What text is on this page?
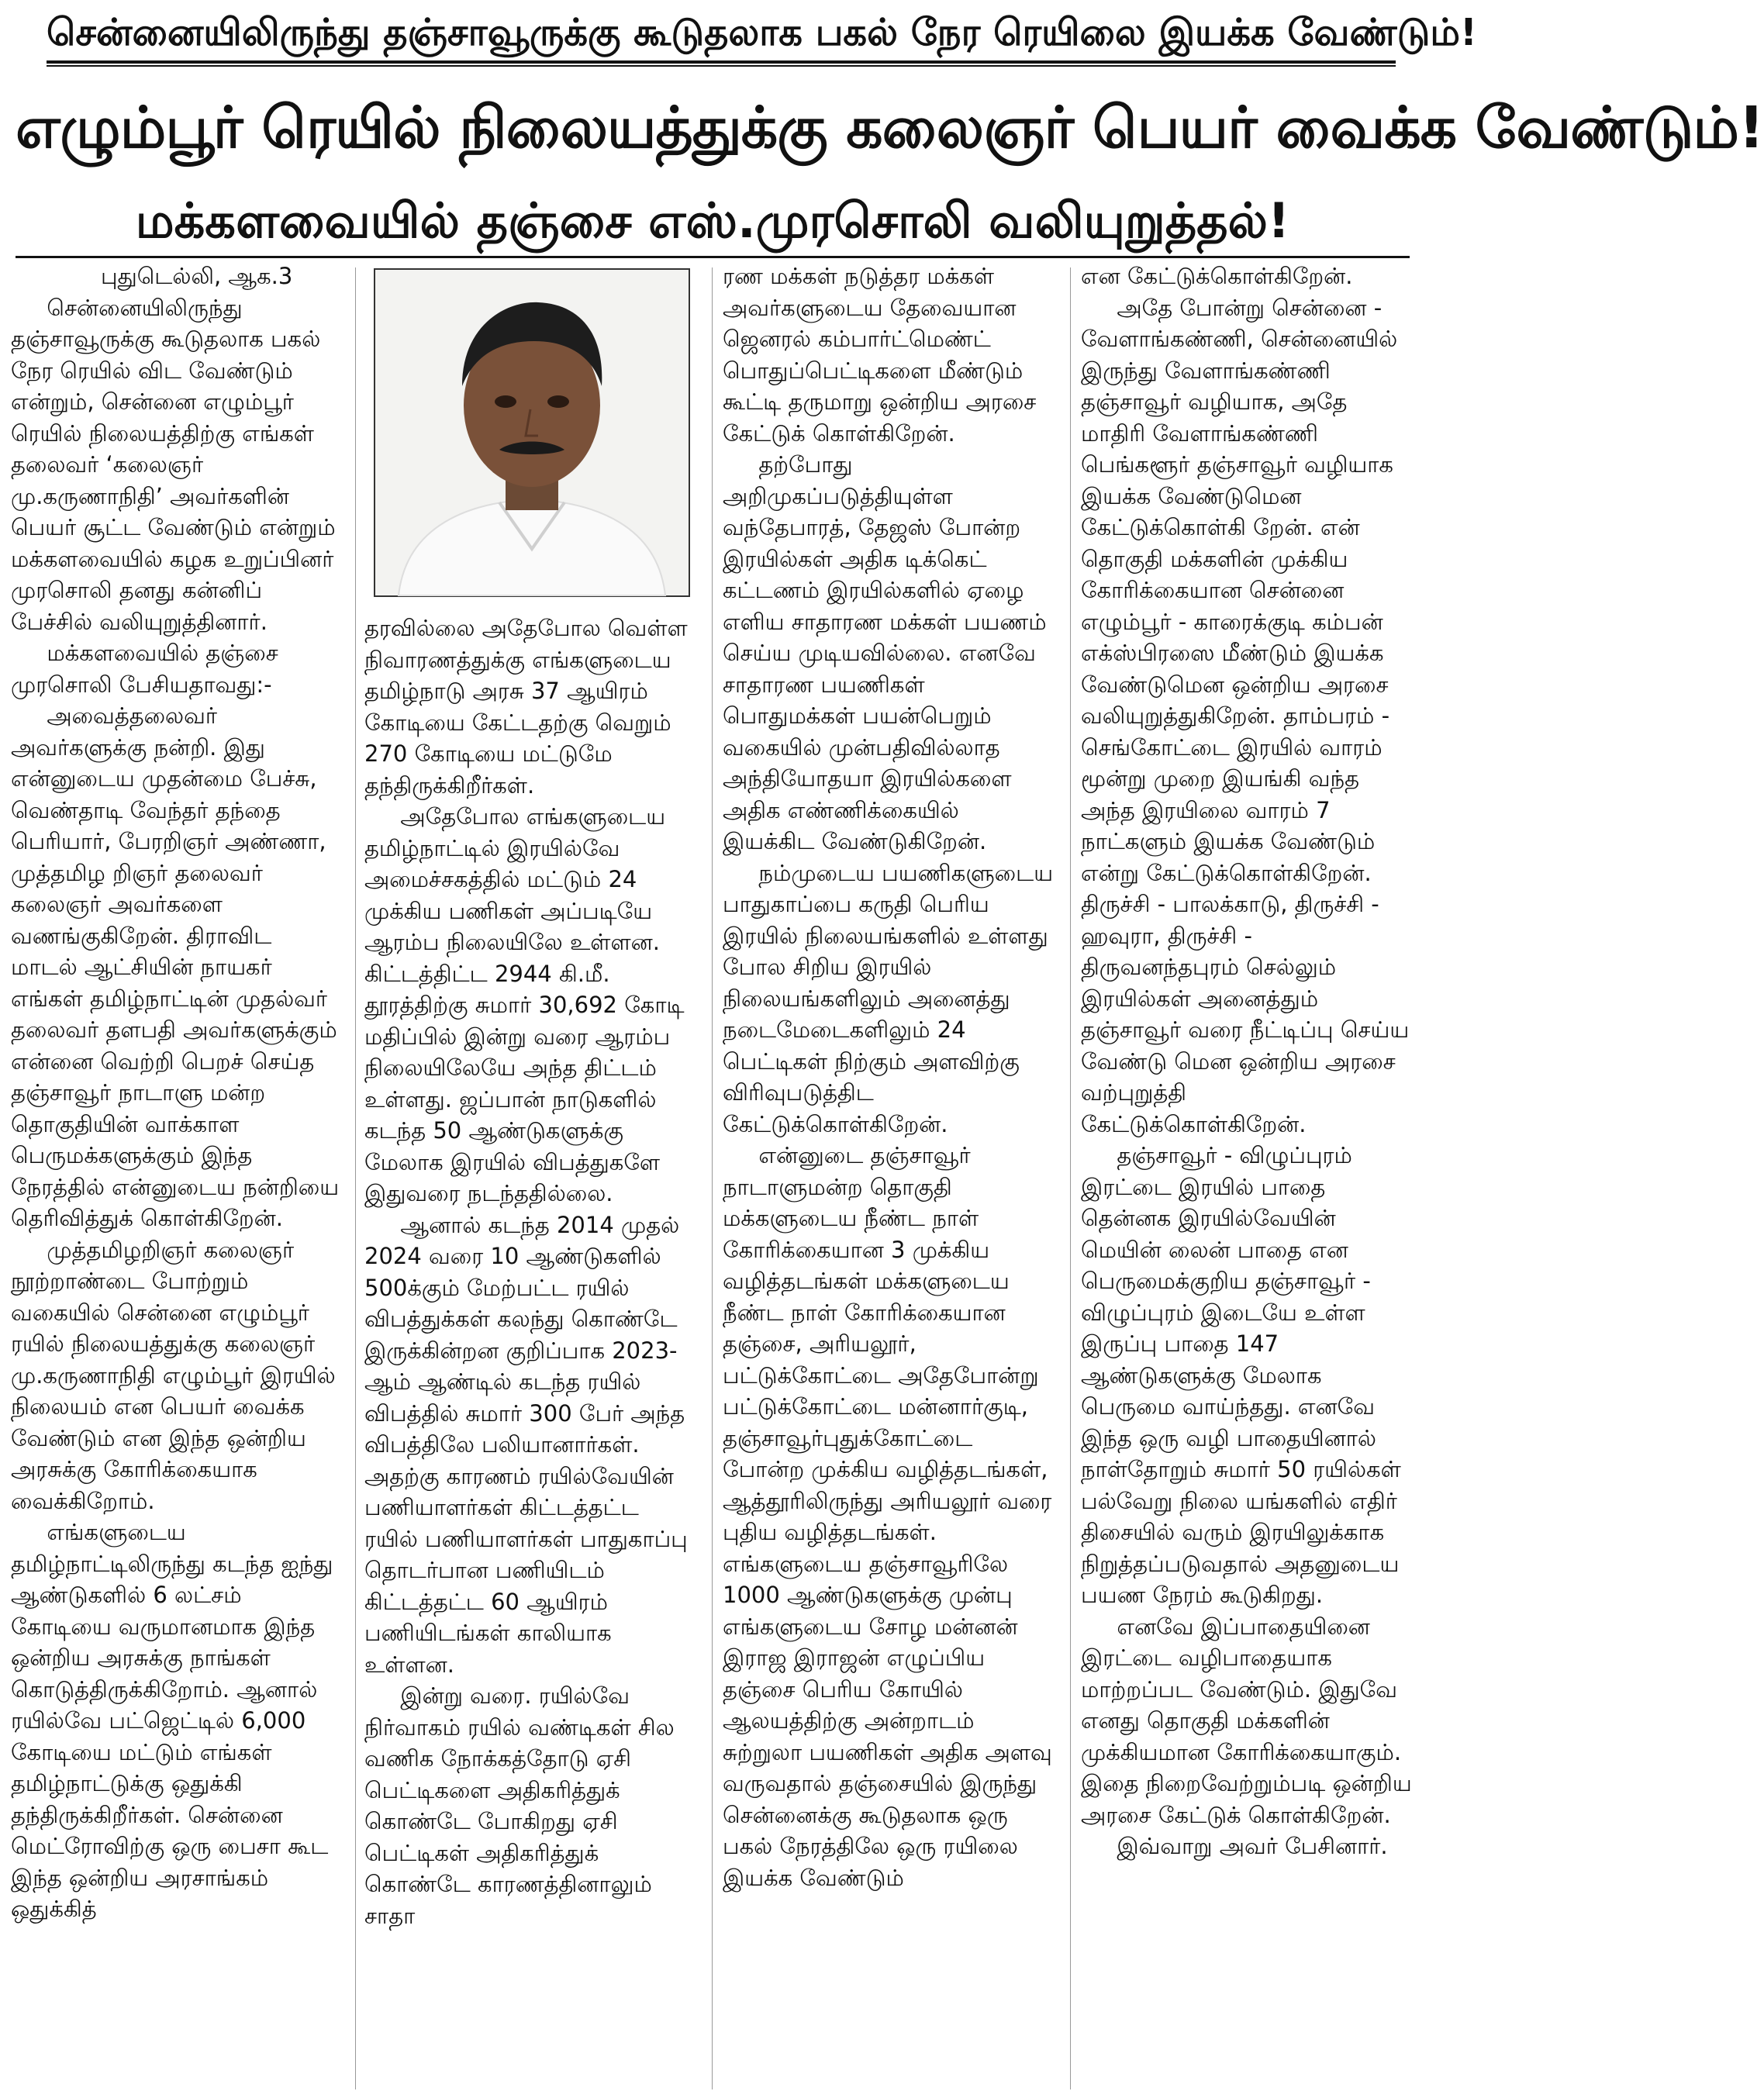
சென்னையிலிருந்து தஞ்சாவூருக்கு கூடுதலாக பகல் நேர ரெயிலை இயக்க வேண்டும்!
எழும்பூர் ரெயில் நிலையத்துக்கு கலைஞர் பெயர் வைக்க வேண்டும்!
மக்களவையில் தஞ்சை எஸ்.முரசொலி வலியுறுத்தல்!

புதுடெல்லி, ஆக.3

சென்னையிலிருந்து தஞ்சாவூருக்கு கூடுதலாக பகல் நேர ரெயில் விட வேண்டும் என்றும், சென்னை எழும்பூர் ரெயில் நிலையத்திற்கு எங்கள் தலைவர் ‘கலைஞர் மு.கருணாநிதி’ அவர்களின் பெயர் சூட்ட வேண்டும் என்றும் மக்களவையில் கழக உறுப்பினர் முரசொலி தனது கன்னிப் பேச்சில் வலியுறுத்தினார்.

மக்களவையில் தஞ்சை முரசொலி பேசியதாவது:-

அவைத்தலைவர் அவர்களுக்கு நன்றி. இது என்னுடைய முதன்மை பேச்சு, வெண்தாடி வேந்தர் தந்தை பெரியார், பேரறிஞர் அண்ணா, முத்தமிழ றிஞர் தலைவர் கலைஞர் அவர்களை வணங்குகிறேன். திராவிட மாடல் ஆட்சியின் நாயகர் எங்கள் தமிழ்நாட்டின் முதல்வர் தலைவர் தளபதி அவர்களுக்கும் என்னை வெற்றி பெறச் செய்த தஞ்சாவூர் நாடாளு மன்ற தொகுதியின் வாக்காள பெருமக்களுக்கும் இந்த நேரத்தில் என்னுடைய நன்றியை தெரிவித்துக் கொள்கிறேன்.

முத்தமிழறிஞர் கலைஞர் நூற்றாண்டை போற்றும் வகையில் சென்னை எழும்பூர் ரயில் நிலையத்துக்கு கலைஞர் மு.கருணாநிதி எழும்பூர் இரயில் நிலையம் என பெயர் வைக்க வேண்டும் என இந்த ஒன்றிய அரசுக்கு கோரிக்கையாக வைக்கிறோம்.

எங்களுடைய தமிழ்நாட்டிலிருந்து கடந்த ஐந்து ஆண்டுகளில் 6 லட்சம் கோடியை வருமானமாக இந்த ஒன்றிய அரசுக்கு நாங்கள் கொடுத்திருக்கிறோம். ஆனால் ரயில்வே பட்ஜெட்டில் 6,000 கோடியை மட்டும் எங்கள் தமிழ்நாட்டுக்கு ஒதுக்கி தந்திருக்கிறீர்கள். சென்னை மெட்ரோவிற்கு ஒரு பைசா கூட இந்த ஒன்றிய அரசாங்கம் ஒதுக்கித்

தரவில்லை அதேபோல வெள்ள நிவாரணத்துக்கு எங்களுடைய தமிழ்நாடு அரசு 37 ஆயிரம் கோடியை கேட்டதற்கு வெறும் 270 கோடியை மட்டுமே தந்திருக்கிறீர்கள்.

அதேபோல எங்களுடைய தமிழ்நாட்டில் இரயில்வே அமைச்சகத்தில் மட்டும் 24 முக்கிய பணிகள் அப்படியே ஆரம்ப நிலையிலே உள்ளன. கிட்டத்திட்ட 2944 கி.மீ. தூரத்திற்கு சுமார் 30,692 கோடி மதிப்பில் இன்று வரை ஆரம்ப நிலையிலேயே அந்த திட்டம் உள்ளது. ஜப்பான் நாடுகளில் கடந்த 50 ஆண்டுகளுக்கு மேலாக இரயில் விபத்துகளே இதுவரை நடந்ததில்லை.

ஆனால் கடந்த 2014 முதல் 2024 வரை 10 ஆண்டுகளில் 500க்கும் மேற்பட்ட ரயில் விபத்துக்கள் கலந்து கொண்டே இருக்கின்றன குறிப்பாக 2023-ஆம் ஆண்டில் கடந்த ரயில் விபத்தில் சுமார் 300 பேர் அந்த விபத்திலே பலியானார்கள். அதற்கு காரணம் ரயில்வேயின் பணியாளர்கள் கிட்டத்தட்ட ரயில் பணியாளர்கள் பாதுகாப்பு தொடர்பான பணியிடம் கிட்டத்தட்ட 60 ஆயிரம் பணியிடங்கள் காலியாக உள்ளன.

இன்று வரை. ரயில்வே நிர்வாகம் ரயில் வண்டிகள் சில வணிக நோக்கத்தோடு ஏசி பெட்டிகளை அதிகரித்துக் கொண்டே போகிறது ஏசி பெட்டிகள் அதிகரித்துக் கொண்டே காரணத்தினாலும் சாதா

ரண மக்கள் நடுத்தர மக்கள் அவர்களுடைய தேவையான ஜெனரல் கம்பார்ட்மெண்ட் பொதுப்பெட்டிகளை மீண்டும் கூட்டி தருமாறு ஒன்றிய அரசை கேட்டுக் கொள்கிறேன்.

தற்போது அறிமுகப்படுத்தியுள்ள வந்தேபாரத், தேஜஸ் போன்ற இரயில்கள் அதிக டிக்கெட் கட்டணம் இரயில்களில் ஏழை எளிய சாதாரண மக்கள் பயணம் செய்ய முடியவில்லை. எனவே சாதாரண பயணிகள் பொதுமக்கள் பயன்பெறும் வகையில் முன்பதிவில்லாத அந்தியோதயா இரயில்களை அதிக எண்ணிக்கையில் இயக்கிட வேண்டுகிறேன்.

நம்முடைய பயணிகளுடைய பாதுகாப்பை கருதி பெரிய இரயில் நிலையங்களில் உள்ளது போல சிறிய இரயில் நிலையங்களிலும் அனைத்து நடைமேடைகளிலும் 24 பெட்டிகள் நிற்கும் அளவிற்கு விரிவுபடுத்திட கேட்டுக்கொள்கிறேன்.

என்னுடை தஞ்சாவூர் நாடாளுமன்ற தொகுதி மக்களுடைய நீண்ட நாள் கோரிக்கையான 3 முக்கிய வழித்தடங்கள் மக்களுடைய நீண்ட நாள் கோரிக்கையான தஞ்சை, அரியலூர், பட்டுக்கோட்டை அதேபோன்று பட்டுக்கோட்டை மன்னார்குடி, தஞ்சாவூர்புதுக்கோட்டை போன்ற முக்கிய வழித்தடங்கள், ஆத்தூரிலிருந்து அரியலூர் வரை புதிய வழித்தடங்கள். எங்களுடைய தஞ்சாவூரிலே 1000 ஆண்டுகளுக்கு முன்பு எங்களுடைய சோழ மன்னன் இராஜ இராஜன் எழுப்பிய தஞ்சை பெரிய கோயில் ஆலயத்திற்கு அன்றாடம் சுற்றுலா பயணிகள் அதிக அளவு வருவதால் தஞ்சையில் இருந்து சென்னைக்கு கூடுதலாக ஒரு பகல் நேரத்திலே ஒரு ரயிலை இயக்க வேண்டும்

என கேட்டுக்கொள்கிறேன்.

அதே போன்று சென்னை - வேளாங்கண்ணி, சென்னையில் இருந்து வேளாங்கண்ணி தஞ்சாவூர் வழியாக, அதே மாதிரி வேளாங்கண்ணி பெங்களூர் தஞ்சாவூர் வழியாக இயக்க வேண்டுமென கேட்டுக்கொள்கி றேன். என் தொகுதி மக்களின் முக்கிய கோரிக்கையான சென்னை எழும்பூர் - காரைக்குடி கம்பன் எக்ஸ்பிரஸை மீண்டும் இயக்க வேண்டுமென ஒன்றிய அரசை வலியுறுத்துகிறேன். தாம்பரம் - செங்கோட்டை இரயில் வாரம் மூன்று முறை இயங்கி வந்த அந்த இரயிலை வாரம் 7 நாட்களும் இயக்க வேண்டும் என்று கேட்டுக்கொள்கிறேன். திருச்சி - பாலக்காடு, திருச்சி - ஹவுரா, திருச்சி - திருவனந்தபுரம் செல்லும் இரயில்கள் அனைத்தும் தஞ்சாவூர் வரை நீட்டிப்பு செய்ய வேண்டு மென ஒன்றிய அரசை வற்புறுத்தி கேட்டுக்கொள்கிறேன்.

தஞ்சாவூர் - விழுப்புரம் இரட்டை இரயில் பாதை தென்னக இரயில்வேயின் மெயின் லைன் பாதை என பெருமைக்குறிய தஞ்சாவூர் - விழுப்புரம் இடையே உள்ள இருப்பு பாதை 147 ஆண்டுகளுக்கு மேலாக பெருமை வாய்ந்தது. எனவே இந்த ஒரு வழி பாதையினால் நாள்தோறும் சுமார் 50 ரயில்கள் பல்வேறு நிலை யங்களில் எதிர் திசையில் வரும் இரயிலுக்காக நிறுத்தப்படுவதால் அதனுடைய பயண நேரம் கூடுகிறது.

எனவே இப்பாதையினை இரட்டை வழிபாதையாக மாற்றப்பட வேண்டும். இதுவே எனது தொகுதி மக்களின் முக்கியமான கோரிக்கையாகும். இதை நிறைவேற்றும்படி ஒன்றிய அரசை கேட்டுக் கொள்கிறேன்.

இவ்வாறு அவர் பேசினார்.
